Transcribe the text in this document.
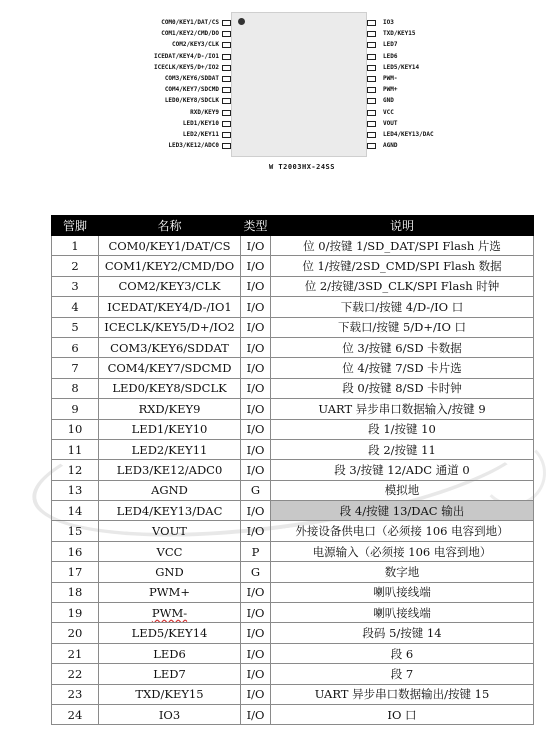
W T2003HX-24SS
COM0/KEY1/DAT/CS
COM1/KEY2/CMD/DO
COM2/KEY3/CLK
ICEDAT/KEY4/D-/IO1
ICECLK/KEY5/D+/IO2
COM3/KEY6/SDDAT
COM4/KEY7/SDCMD
LED0/KEY8/SDCLK
RXD/KEY9
LED1/KEY10
LED2/KEY11
LED3/KE12/ADC0
IO3
TXD/KEY15
LED7
LED6
LED5/KEY14
PWM-
PWM+
GND
VCC
VOUT
LED4/KEY13/DAC
AGND
管脚	名称	类型	说明
1	COM0/KEY1/DAT/CS	I/O	位 0/按键 1/SD_DAT/SPI Flash 片选
2	COM1/KEY2/CMD/DO	I/O	位 1/按键/2SD_CMD/SPI Flash 数据
3	COM2/KEY3/CLK	I/O	位 2/按键/3SD_CLK/SPI Flash 时钟
4	ICEDAT/KEY4/D-/IO1	I/O	下载口/按键 4/D-/IO 口
5	ICECLK/KEY5/D+/IO2	I/O	下载口/按键 5/D+/IO 口
6	COM3/KEY6/SDDAT	I/O	位 3/按键 6/SD 卡数据
7	COM4/KEY7/SDCMD	I/O	位 4/按键 7/SD 卡片选
8	LED0/KEY8/SDCLK	I/O	段 0/按键 8/SD 卡时钟
9	RXD/KEY9	I/O	UART 异步串口数据输入/按键 9
10	LED1/KEY10	I/O	段 1/按键 10
11	LED2/KEY11	I/O	段 2/按键 11
12	LED3/KE12/ADC0	I/O	段 3/按键 12/ADC 通道 0
13	AGND	G	模拟地
14	LED4/KEY13/DAC	I/O	段 4/按键 13/DAC 输出
15	VOUT	I/O	外接设备供电口（必须接 106 电容到地）
16	VCC	P	电源输入（必须接 106 电容到地）
17	GND	G	数字地
18	PWM+	I/O	喇叭接线端
19	PWM-	I/O	喇叭接线端
20	LED5/KEY14	I/O	段码 5/按键 14
21	LED6	I/O	段 6
22	LED7	I/O	段 7
23	TXD/KEY15	I/O	UART 异步串口数据输出/按键 15
24	IO3	I/O	IO 口
